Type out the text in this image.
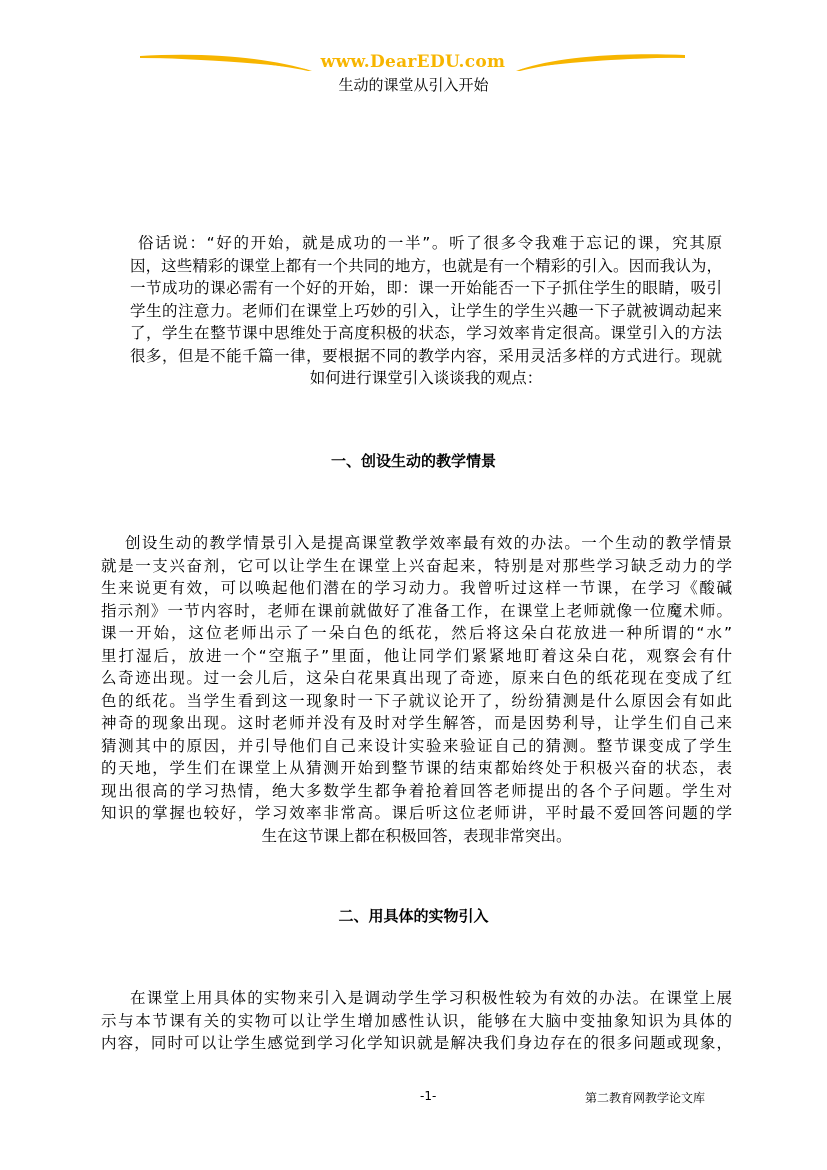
www.DearEDU.com
生动的课堂从引入开始
俗话说：“好的开始，就是成功的一半”。听了很多令我难于忘记的课，究其原
因，这些精彩的课堂上都有一个共同的地方，也就是有一个精彩的引入。因而我认为，
一节成功的课必需有一个好的开始，即：课一开始能否一下子抓住学生的眼睛，吸引
学生的注意力。老师们在课堂上巧妙的引入，让学生的学生兴趣一下子就被调动起来
了，学生在整节课中思维处于高度积极的状态，学习效率肯定很高。课堂引入的方法
很多，但是不能千篇一律，要根据不同的教学内容，采用灵活多样的方式进行。现就
如何进行课堂引入谈谈我的观点：
一、创设生动的教学情景
创设生动的教学情景引入是提高课堂教学效率最有效的办法。一个生动的教学情景
就是一支兴奋剂，它可以让学生在课堂上兴奋起来，特别是对那些学习缺乏动力的学
生来说更有效，可以唤起他们潜在的学习动力。我曾听过这样一节课，在学习《酸碱
指示剂》一节内容时，老师在课前就做好了准备工作，在课堂上老师就像一位魔术师。
课一开始，这位老师出示了一朵白色的纸花，然后将这朵白花放进一种所谓的“水”
里打湿后，放进一个“空瓶子”里面，他让同学们紧紧地盯着这朵白花，观察会有什
么奇迹出现。过一会儿后，这朵白花果真出现了奇迹，原来白色的纸花现在变成了红
色的纸花。当学生看到这一现象时一下子就议论开了，纷纷猜测是什么原因会有如此
神奇的现象出现。这时老师并没有及时对学生解答，而是因势利导，让学生们自己来
猜测其中的原因，并引导他们自己来设计实验来验证自己的猜测。整节课变成了学生
的天地，学生们在课堂上从猜测开始到整节课的结束都始终处于积极兴奋的状态，表
现出很高的学习热情，绝大多数学生都争着抢着回答老师提出的各个子问题。学生对
知识的掌握也较好，学习效率非常高。课后听这位老师讲，平时最不爱回答问题的学
生在这节课上都在积极回答，表现非常突出。
二、用具体的实物引入
在课堂上用具体的实物来引入是调动学生学习积极性较为有效的办法。在课堂上展
示与本节课有关的实物可以让学生增加感性认识，能够在大脑中变抽象知识为具体的
内容，同时可以让学生感觉到学习化学知识就是解决我们身边存在的很多问题或现象，
-1-	第二教育网教学论文库
